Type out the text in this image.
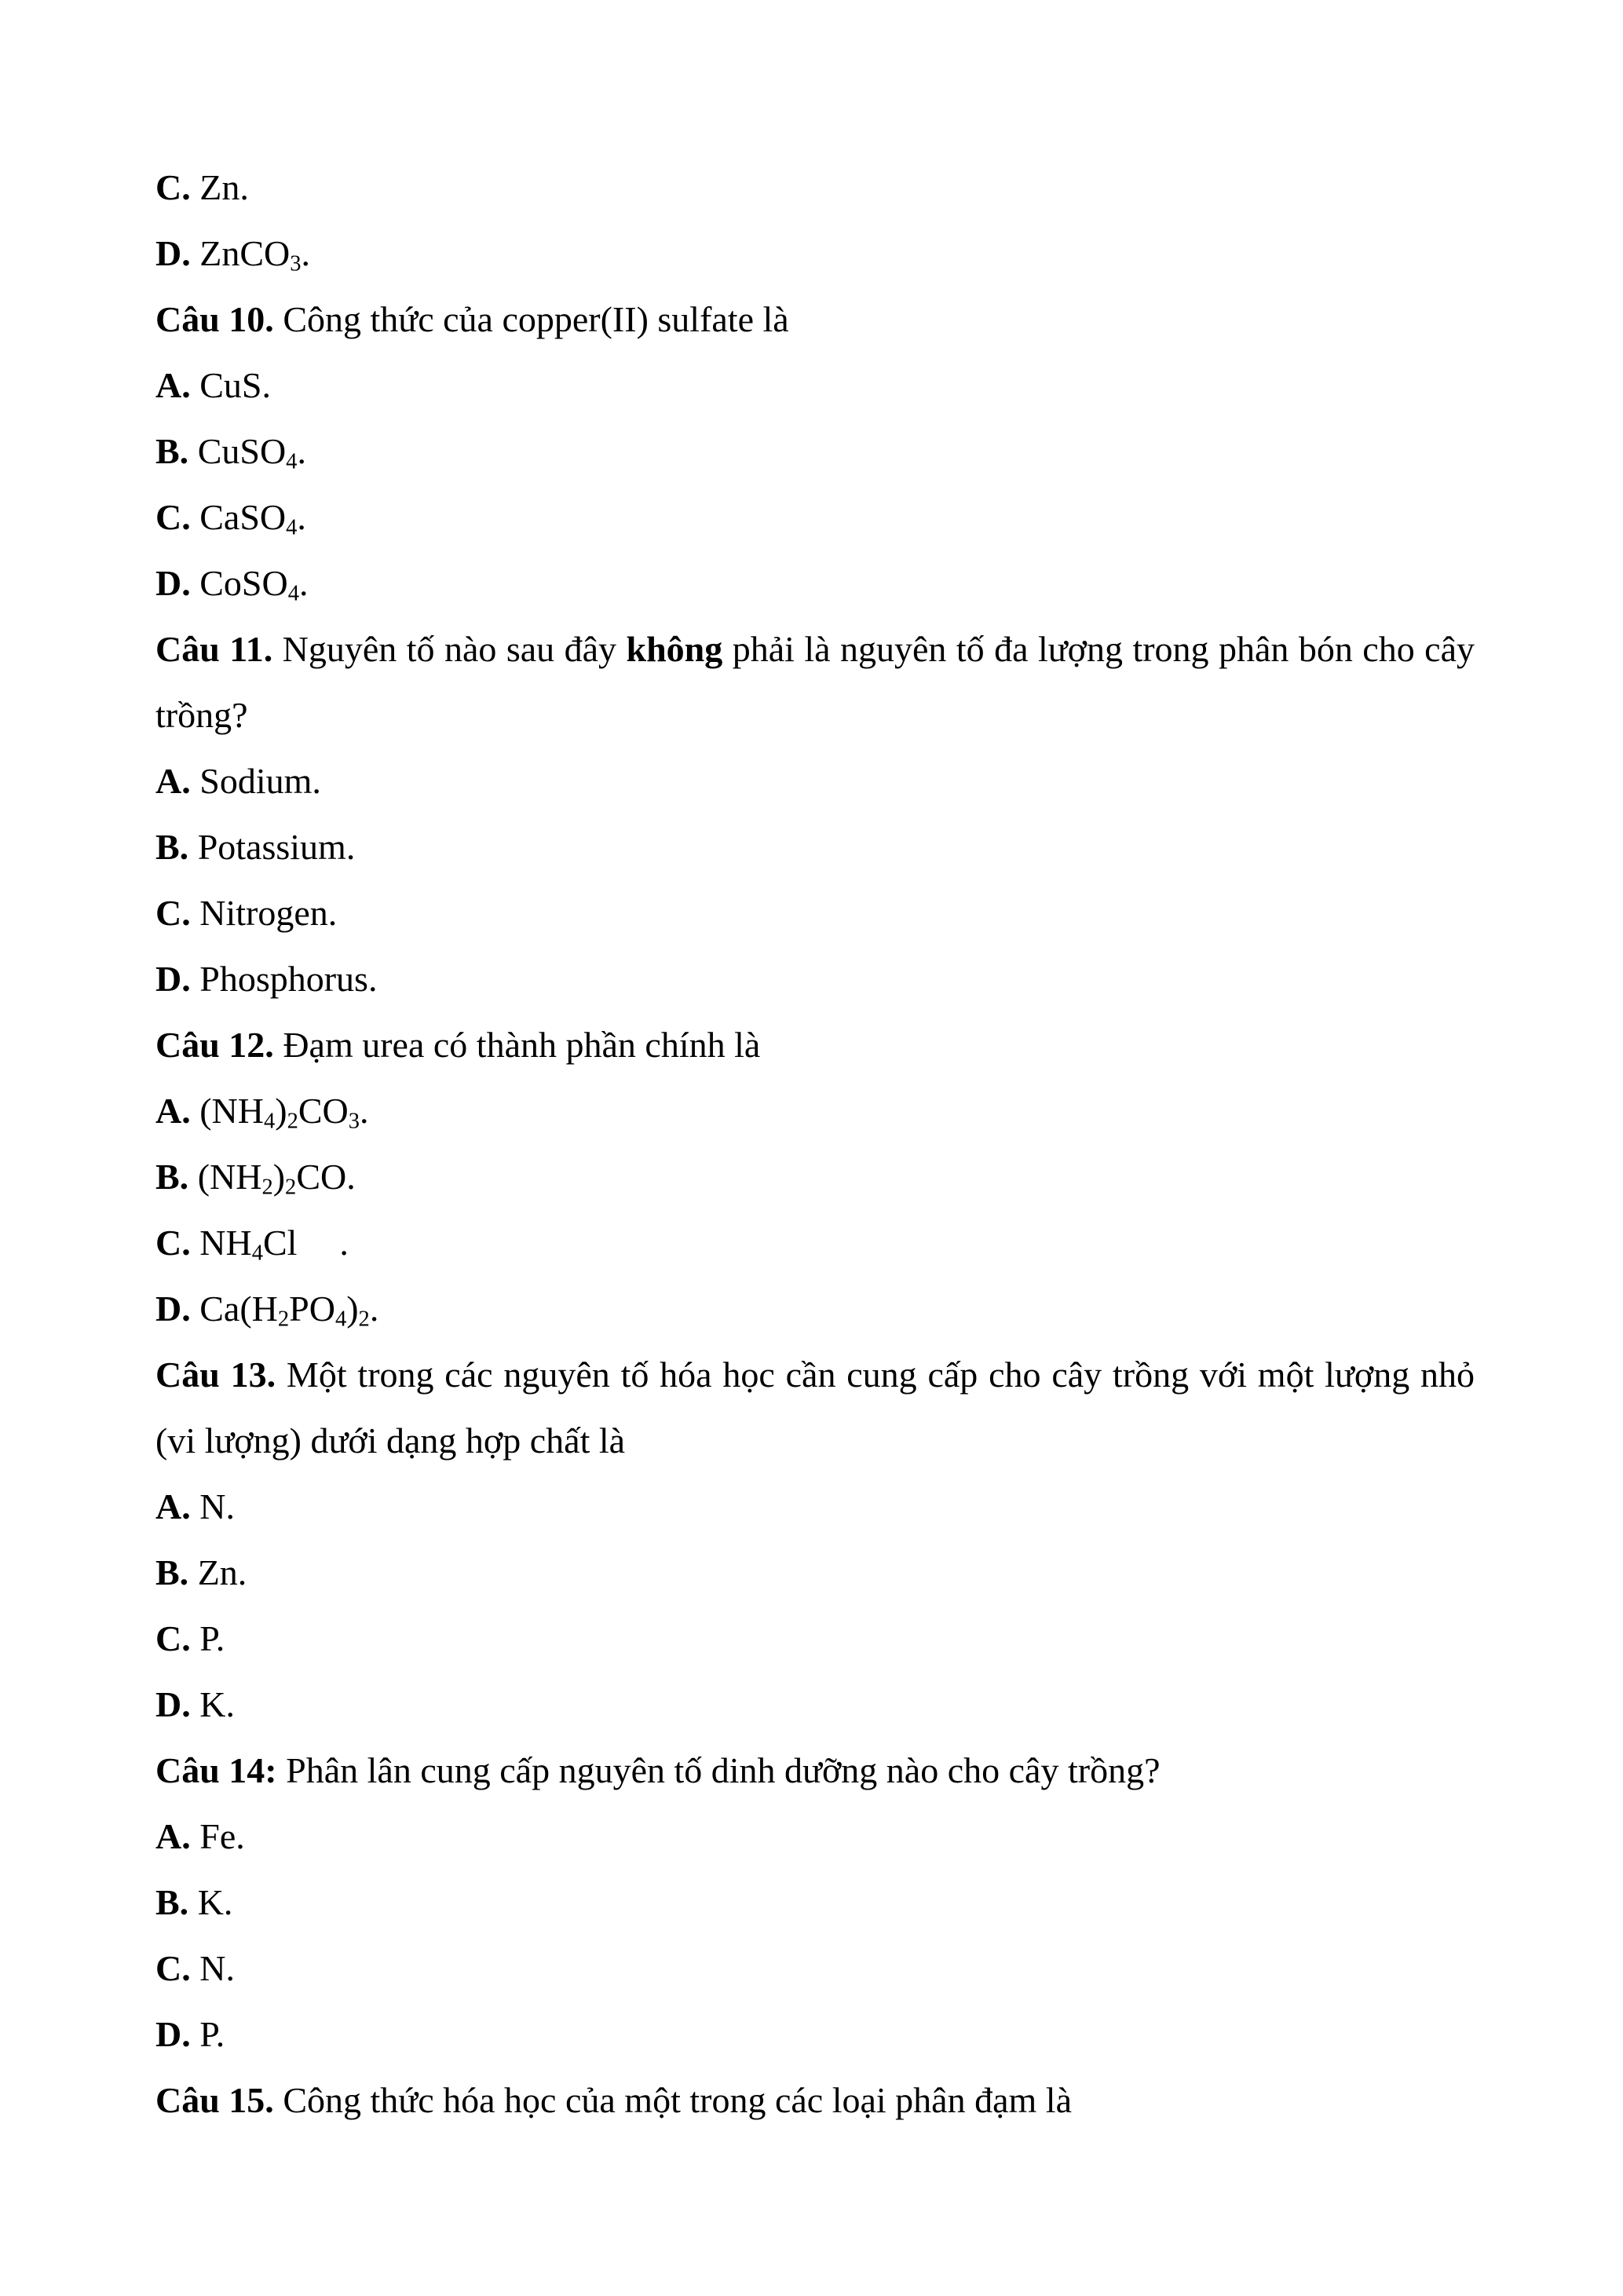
C. Zn.
D. ZnCO$_3$.
Câu 10. Công thức của copper(II) sulfate là
A. CuS.
B. CuSO$_4$.
C. CaSO$_4$.
D. CoSO$_4$.
Câu 11. Nguyên tố nào sau đây không phải là nguyên tố đa lượng trong phân bón cho cây trồng?
A. Sodium.
B. Potassium.
C. Nitrogen.
D. Phosphorus.
Câu 12. Đạm urea có thành phần chính là
A. $(NH_4)_2CO_3$.
B. $(NH_2)_2CO$.
C. $NH_4Cl$ .
D. $Ca(H_2PO_4)_2$.
Câu 13. Một trong các nguyên tố hóa học cần cung cấp cho cây trồng với một lượng nhỏ (vi lượng) dưới dạng hợp chất là
A. N.
B. Zn.
C. P.
D. K.
Câu 14: Phân lân cung cấp nguyên tố dinh dưỡng nào cho cây trồng?
A. Fe.
B. K.
C. N.
D. P.
Câu 15. Công thức hóa học của một trong các loại phân đạm là
